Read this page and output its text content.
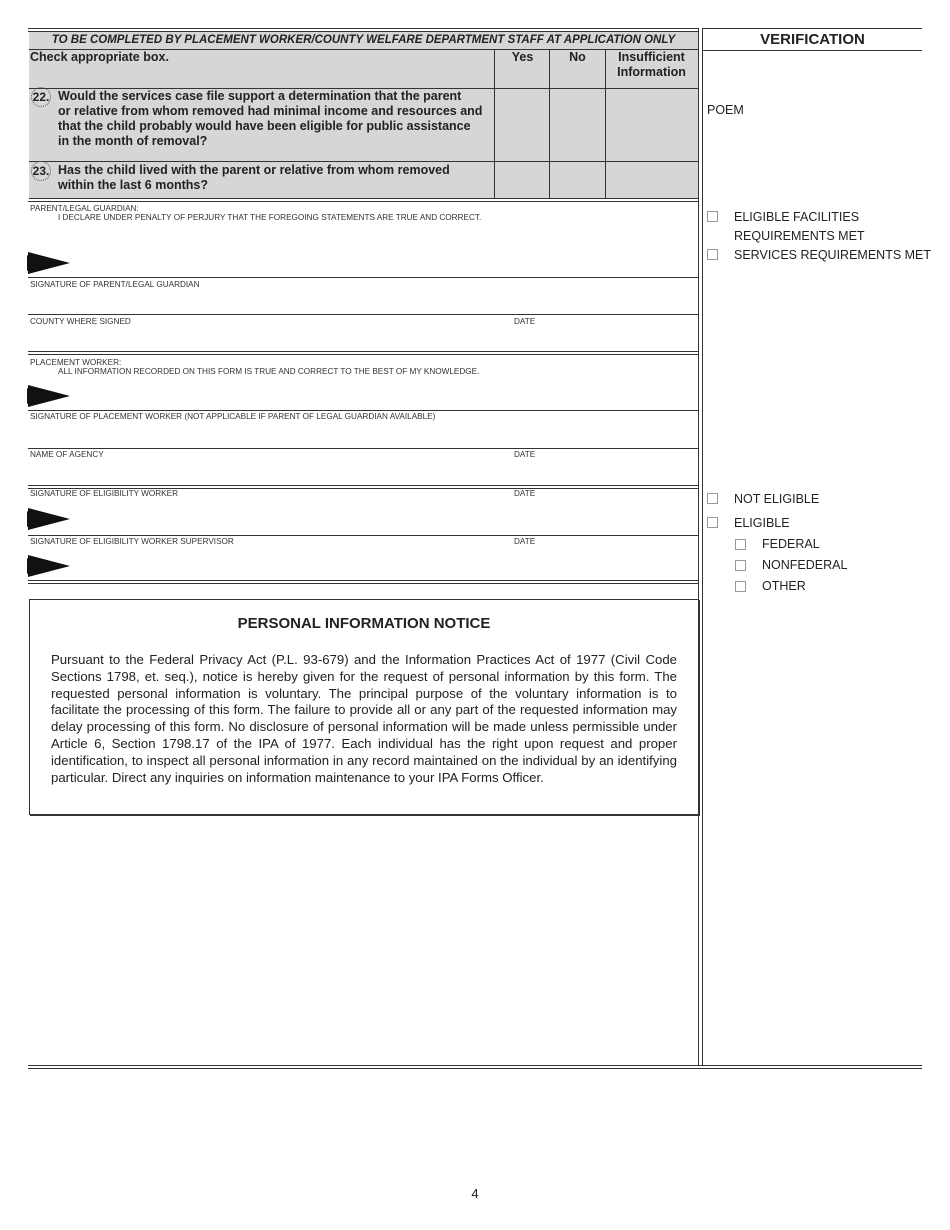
TO BE COMPLETED BY PLACEMENT WORKER/COUNTY WELFARE DEPARTMENT STAFF AT APPLICATION ONLY
Check appropriate box.	Yes	No	Insufficient
Information
22. Would the services case file support a determination that the parent
or relative from whom removed had minimal income and resources and
that the child probably would have been eligible for public assistance
in the month of removal?
23. Has the child lived with the parent or relative from whom removed
within the last 6 months?
PARENT/LEGAL GUARDIAN:
I DECLARE UNDER PENALTY OF PERJURY THAT THE FOREGOING STATEMENTS ARE TRUE AND CORRECT.
SIGNATURE OF PARENT/LEGAL GUARDIAN
COUNTY WHERE SIGNED	DATE
PLACEMENT WORKER:
ALL INFORMATION RECORDED ON THIS FORM IS TRUE AND CORRECT TO THE BEST OF MY KNOWLEDGE.
SIGNATURE OF PLACEMENT WORKER (NOT APPLICABLE IF PARENT OF LEGAL GUARDIAN AVAILABLE)
NAME OF AGENCY	DATE
SIGNATURE OF ELIGIBILITY WORKER	DATE
SIGNATURE OF ELIGIBILITY WORKER SUPERVISOR	DATE
PERSONAL INFORMATION NOTICE
Pursuant to the Federal Privacy Act (P.L. 93-679) and the Information Practices Act of 1977 (Civil Code Sections 1798, et. seq.), notice is hereby given for the request of personal information by this form. The requested personal information is voluntary. The principal purpose of the voluntary information is to facilitate the processing of this form. The failure to provide all or any part of the requested information may delay processing of this form. No disclosure of personal information will be made unless permissible under Article 6, Section 1798.17 of the IPA of 1977. Each individual has the right upon request and proper identification, to inspect all personal information in any record maintained on the individual by an identifying particular. Direct any inquiries on information maintenance to your IPA Forms Officer.
VERIFICATION
POEM
ELIGIBLE FACILITIES
REQUIREMENTS MET
SERVICES REQUIREMENTS MET
NOT ELIGIBLE
ELIGIBLE
FEDERAL
NONFEDERAL
OTHER
4
